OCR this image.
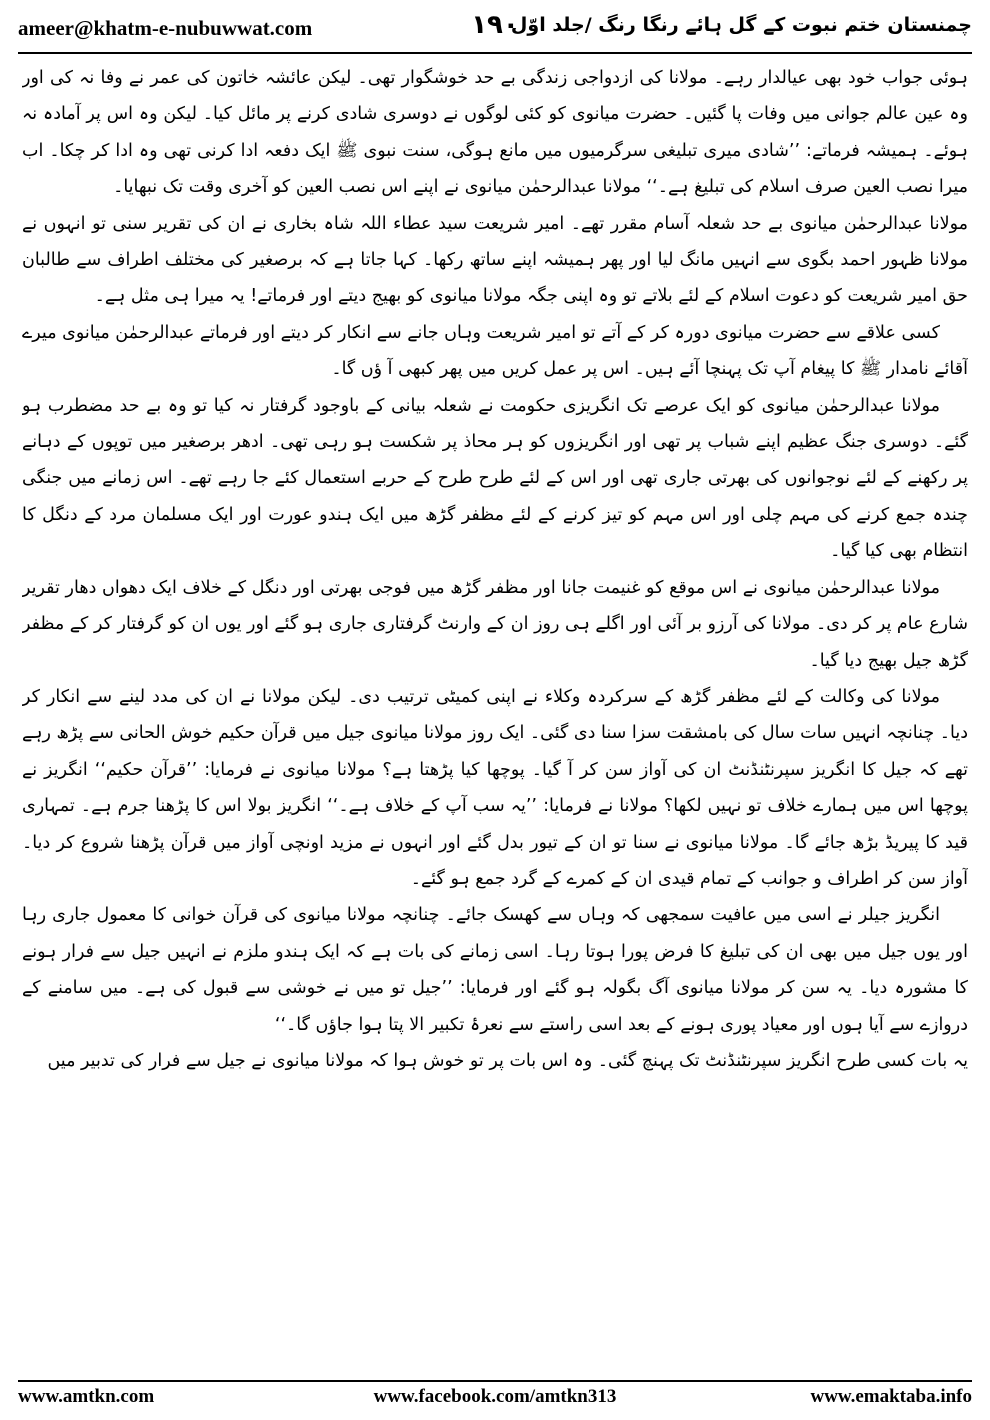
ameer@khatm-e-nubuwwat.com	۱۹۰
چمنستان ختم نبوت کے گل ہائے رنگا رنگ /جلد اوّل

ہوئی جواب خود بھی عیالدار رہے۔ مولانا کی ازدواجی زندگی بے حد خوشگوار تھی۔ لیکن عائشہ خاتون کی عمر نے وفا نہ کی اور وہ عین عالم جوانی میں وفات پا گئیں۔ حضرت میانوی کو کئی لوگوں نے دوسری شادی کرنے پر مائل کیا۔ لیکن وہ اس پر آمادہ نہ ہوئے۔ ہمیشہ فرماتے: ’’شادی میری تبلیغی سرگرمیوں میں مانع ہوگی، سنت نبوی ﷺ ایک دفعہ ادا کرنی تھی وہ ادا کر چکا۔ اب میرا نصب العین صرف اسلام کی تبلیغ ہے۔‘‘ مولانا عبدالرحمٰن میانوی نے اپنے اس نصب العین کو آخری وقت تک نبھایا۔

مولانا عبدالرحمٰن میانوی بے حد شعلہ آسام مقرر تھے۔ امیر شریعت سید عطاء اللہ شاہ بخاری نے ان کی تقریر سنی تو انہوں نے مولانا ظہور احمد بگوی سے انہیں مانگ لیا اور پھر ہمیشہ اپنے ساتھ رکھا۔ کہا جاتا ہے کہ برصغیر کی مختلف اطراف سے طالبان حق امیر شریعت کو دعوت اسلام کے لئے بلاتے تو وہ اپنی جگہ مولانا میانوی کو بھیج دیتے اور فرماتے! یہ میرا ہی مثل ہے۔

کسی علاقے سے حضرت میانوی دورہ کر کے آتے تو امیر شریعت وہاں جانے سے انکار کر دیتے اور فرماتے عبدالرحمٰن میانوی میرے آقائے نامدار ﷺ کا پیغام آپ تک پہنچا آئے ہیں۔ اس پر عمل کریں میں پھر کبھی آ ؤں گا۔

مولانا عبدالرحمٰن میانوی کو ایک عرصے تک انگریزی حکومت نے شعلہ بیانی کے باوجود گرفتار نہ کیا تو وہ بے حد مضطرب ہو گئے۔ دوسری جنگ عظیم اپنے شباب پر تھی اور انگریزوں کو ہر محاذ پر شکست ہو رہی تھی۔ ادھر برصغیر میں توپوں کے دہانے پر رکھنے کے لئے نوجوانوں کی بھرتی جاری تھی اور اس کے لئے طرح طرح کے حربے استعمال کئے جا رہے تھے۔ اس زمانے میں جنگی چندہ جمع کرنے کی مہم چلی اور اس مہم کو تیز کرنے کے لئے مظفر گڑھ میں ایک ہندو عورت اور ایک مسلمان مرد کے دنگل کا انتظام بھی کیا گیا۔

مولانا عبدالرحمٰن میانوی نے اس موقع کو غنیمت جانا اور مظفر گڑھ میں فوجی بھرتی اور دنگل کے خلاف ایک دھواں دھار تقریر شارع عام پر کر دی۔ مولانا کی آرزو بر آئی اور اگلے ہی روز ان کے وارنٹ گرفتاری جاری ہو گئے اور یوں ان کو گرفتار کر کے مظفر گڑھ جیل بھیج دیا گیا۔

مولانا کی وکالت کے لئے مظفر گڑھ کے سرکردہ وکلاء نے اپنی کمیٹی ترتیب دی۔ لیکن مولانا نے ان کی مدد لینے سے انکار کر دیا۔ چنانچہ انہیں سات سال کی بامشقت سزا سنا دی گئی۔ ایک روز مولانا میانوی جیل میں قرآن حکیم خوش الحانی سے پڑھ رہے تھے کہ جیل کا انگریز سپرنٹنڈنٹ ان کی آواز سن کر آ گیا۔ پوچھا کیا پڑھتا ہے؟ مولانا میانوی نے فرمایا: ’’قرآن حکیم‘‘ انگریز نے پوچھا اس میں ہمارے خلاف تو نہیں لکھا؟ مولانا نے فرمایا: ’’یہ سب آپ کے خلاف ہے۔‘‘ انگریز بولا اس کا پڑھنا جرم ہے۔ تمہاری قید کا پیریڈ بڑھ جائے گا۔ مولانا میانوی نے سنا تو ان کے تیور بدل گئے اور انہوں نے مزید اونچی آواز میں قرآن پڑھنا شروع کر دیا۔ آواز سن کر اطراف و جوانب کے تمام قیدی ان کے کمرے کے گرد جمع ہو گئے۔

انگریز جیلر نے اسی میں عافیت سمجھی کہ وہاں سے کھسک جائے۔ چنانچہ مولانا میانوی کی قرآن خوانی کا معمول جاری رہا اور یوں جیل میں بھی ان کی تبلیغ کا فرض پورا ہوتا رہا۔ اسی زمانے کی بات ہے کہ ایک ہندو ملزم نے انہیں جیل سے فرار ہونے کا مشورہ دیا۔ یہ سن کر مولانا میانوی آگ بگولہ ہو گئے اور فرمایا: ’’جیل تو میں نے خوشی سے قبول کی ہے۔ میں سامنے کے دروازے سے آیا ہوں اور معیاد پوری ہونے کے بعد اسی راستے سے نعرۂ تکبیر الا پتا ہوا جاؤں گا۔‘‘

یہ بات کسی طرح انگریز سپرنٹنڈنٹ تک پہنچ گئی۔ وہ اس بات پر تو خوش ہوا کہ مولانا میانوی نے جیل سے فرار کی تدبیر میں

www.amtkn.com	www.facebook.com/amtkn313	www.emaktaba.info
